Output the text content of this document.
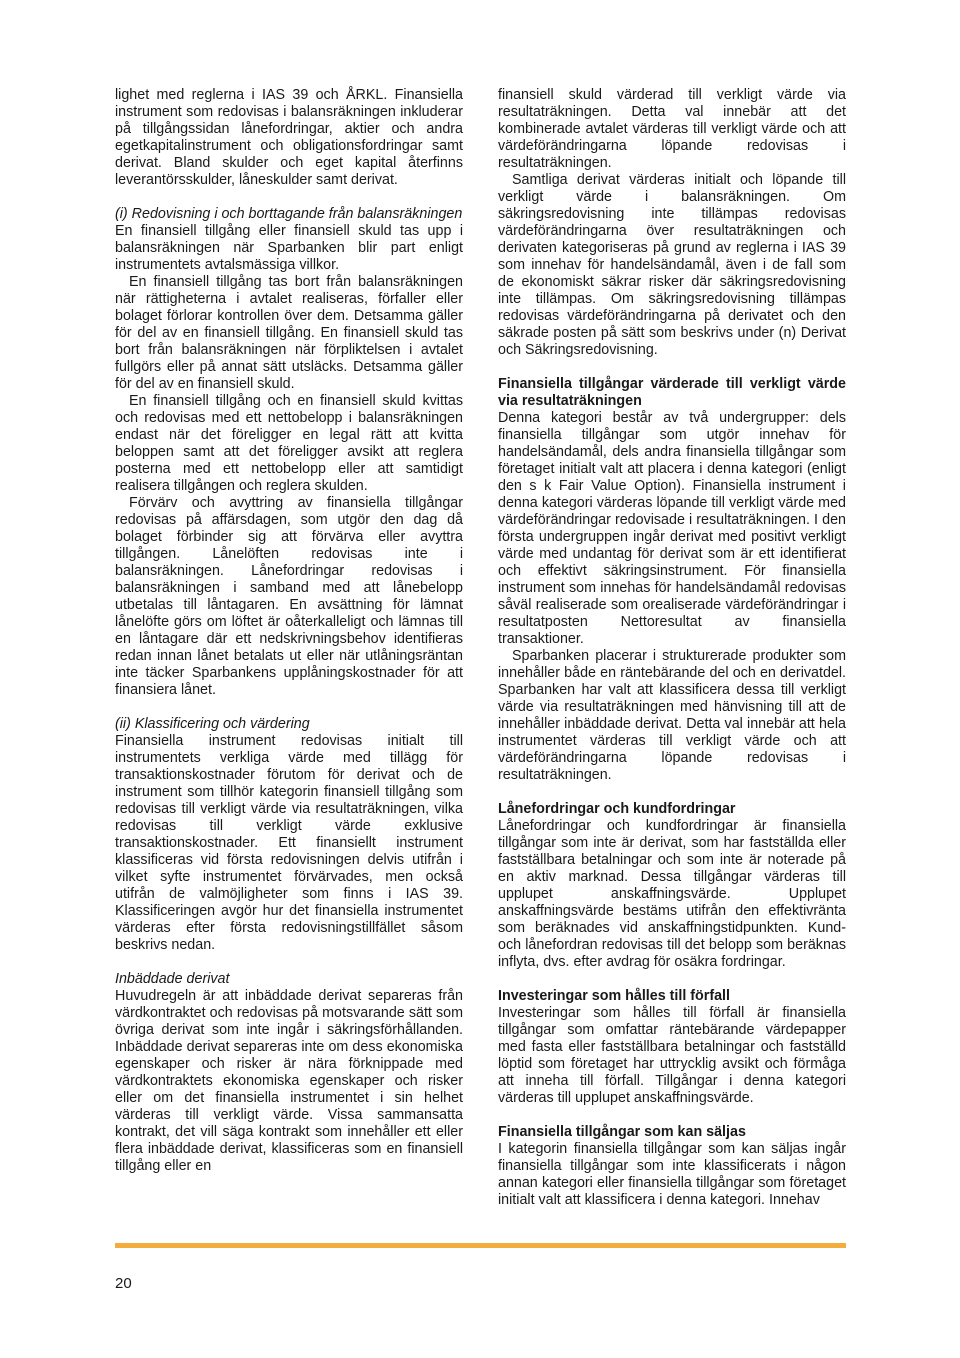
lighet med reglerna i IAS 39 och ÅRKL. Finansiella instrument som redovisas i balansräkningen inkluderar på tillgångssidan lånefordringar, aktier och andra egetkapitalinstrument och obligationsfordringar samt derivat. Bland skulder och eget kapital återfinns leverantörsskulder, låneskulder samt derivat.

(i) Redovisning i och borttagande från balansräkningen

En finansiell tillgång eller finansiell skuld tas upp i balansräkningen när Sparbanken blir part enligt instrumentets avtalsmässiga villkor.

En finansiell tillgång tas bort från balansräkningen när rättigheterna i avtalet realiseras, förfaller eller bolaget förlorar kontrollen över dem. Detsamma gäller för del av en finansiell tillgång. En finansiell skuld tas bort från balansräkningen när förpliktelsen i avtalet fullgörs eller på annat sätt utsläcks. Detsamma gäller för del av en finansiell skuld.

En finansiell tillgång och en finansiell skuld kvittas och redovisas med ett nettobelopp i balansräkningen endast när det föreligger en legal rätt att kvitta beloppen samt att det föreligger avsikt att reglera posterna med ett nettobelopp eller att samtidigt realisera tillgången och reglera skulden.

Förvärv och avyttring av finansiella tillgångar redovisas på affärsdagen, som utgör den dag då bolaget förbinder sig att förvärva eller avyttra tillgången. Lånelöften redovisas inte i balansräkningen. Lånefordringar redovisas i balansräkningen i samband med att lånebelopp utbetalas till låntagaren. En avsättning för lämnat lånelöfte görs om löftet är oåterkalleligt och lämnas till en låntagare där ett nedskrivningsbehov identifieras redan innan lånet betalats ut eller när utlåningsräntan inte täcker Sparbankens upplåningskostnader för att finansiera lånet.

(ii) Klassificering och värdering

Finansiella instrument redovisas initialt till instrumentets verkliga värde med tillägg för transaktionskostnader förutom för derivat och de instrument som tillhör kategorin finansiell tillgång som redovisas till verkligt värde via resultaträkningen, vilka redovisas till verkligt värde exklusive transaktionskostnader. Ett finansiellt instrument klassificeras vid första redovisningen delvis utifrån i vilket syfte instrumentet förvärvades, men också utifrån de valmöjligheter som finns i IAS 39. Klassificeringen avgör hur det finansiella instrumentet värderas efter första redovisningstillfället såsom beskrivs nedan.

Inbäddade derivat

Huvudregeln är att inbäddade derivat separeras från värdkontraktet och redovisas på motsvarande sätt som övriga derivat som inte ingår i säkringsförhållanden. Inbäddade derivat separeras inte om dess ekonomiska egenskaper och risker är nära förknippade med värdkontraktets ekonomiska egenskaper och risker eller om det finansiella instrumentet i sin helhet värderas till verkligt värde. Vissa sammansatta kontrakt, det vill säga kontrakt som innehåller ett eller flera inbäddade derivat, klassificeras som en finansiell tillgång eller en

finansiell skuld värderad till verkligt värde via resultaträkningen. Detta val innebär att det kombinerade avtalet värderas till verkligt värde och att värdeförändringarna löpande redovisas i resultaträkningen.

Samtliga derivat värderas initialt och löpande till verkligt värde i balansräkningen. Om säkringsredovisning inte tillämpas redovisas värdeförändringarna över resultaträkningen och derivaten kategoriseras på grund av reglerna i IAS 39 som innehav för handelsändamål, även i de fall som de ekonomiskt säkrar risker där säkringsredovisning inte tillämpas. Om säkringsredovisning tillämpas redovisas värdeförändringarna på derivatet och den säkrade posten på sätt som beskrivs under (n) Derivat och Säkringsredovisning.

Finansiella tillgångar värderade till verkligt värde via resultaträkningen

Denna kategori består av två undergrupper: dels finansiella tillgångar som utgör innehav för handelsändamål, dels andra finansiella tillgångar som företaget initialt valt att placera i denna kategori (enligt den s k Fair Value Option). Finansiella instrument i denna kategori värderas löpande till verkligt värde med värdeförändringar redovisade i resultaträkningen. I den första undergruppen ingår derivat med positivt verkligt värde med undantag för derivat som är ett identifierat och effektivt säkringsinstrument. För finansiella instrument som innehas för handelsändamål redovisas såväl realiserade som orealiserade värdeförändringar i resultatposten Nettoresultat av finansiella transaktioner.

Sparbanken placerar i strukturerade produkter som innehåller både en räntebärande del och en derivatdel. Sparbanken har valt att klassificera dessa till verkligt värde via resultaträkningen med hänvisning till att de innehåller inbäddade derivat. Detta val innebär att hela instrumentet värderas till verkligt värde och att värdeförändringarna löpande redovisas i resultaträkningen.

Lånefordringar och kundfordringar

Lånefordringar och kundfordringar är finansiella tillgångar som inte är derivat, som har fastställda eller fastställbara betalningar och som inte är noterade på en aktiv marknad. Dessa tillgångar värderas till upplupet anskaffningsvärde. Upplupet anskaffningsvärde bestäms utifrån den effektivränta som beräknades vid anskaffningstidpunkten. Kund- och lånefordran redovisas till det belopp som beräknas inflyta, dvs. efter avdrag för osäkra fordringar.

Investeringar som hålles till förfall

Investeringar som hålles till förfall är finansiella tillgångar som omfattar räntebärande värdepapper med fasta eller fastställbara betalningar och fastställd löptid som företaget har uttrycklig avsikt och förmåga att inneha till förfall. Tillgångar i denna kategori värderas till upplupet anskaffningsvärde.

Finansiella tillgångar som kan säljas

I kategorin finansiella tillgångar som kan säljas ingår finansiella tillgångar som inte klassificerats i någon annan kategori eller finansiella tillgångar som företaget initialt valt att klassificera i denna kategori. Innehav

20
